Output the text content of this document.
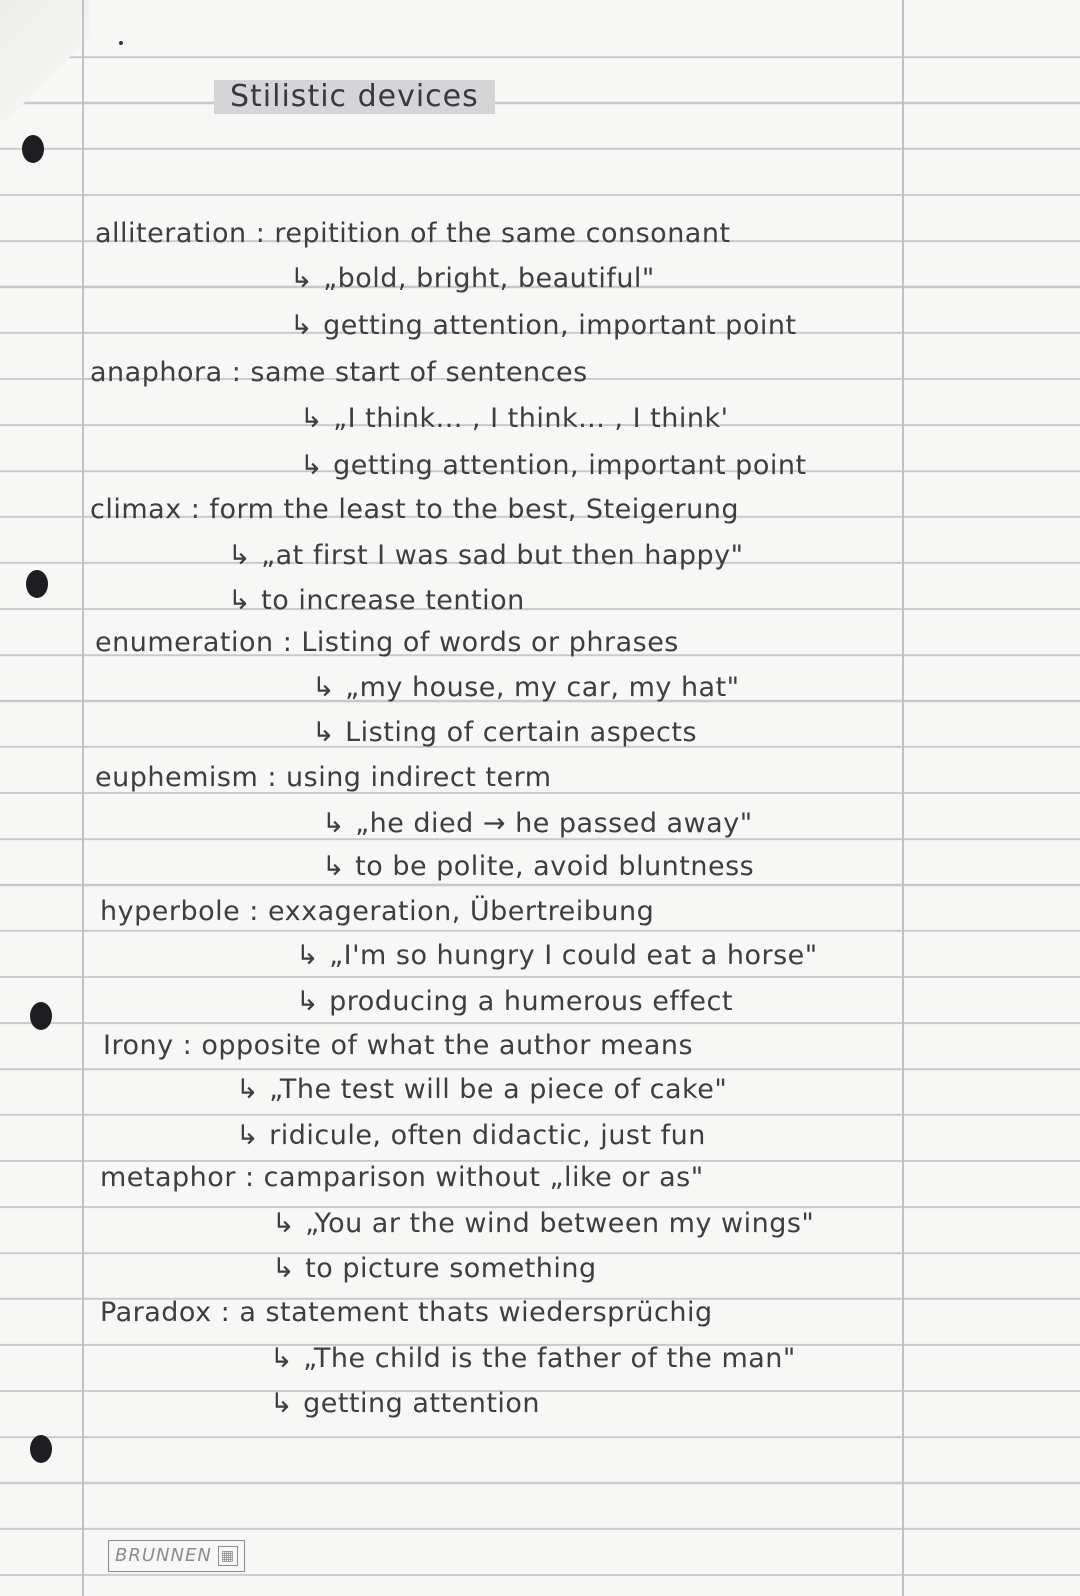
Stilistic devices
alliteration : repitition of the same consonant
↳ „bold, bright, beautiful"
↳ getting attention, important point
anaphora : same start of sentences
↳ „I think... , I think... , I think'
↳ getting attention, important point
climax : form the least to the best, Steigerung
↳ „at first I was sad but then happy"
↳ to increase tention
enumeration : Listing of words or phrases
↳ „my house, my car, my hat"
↳ Listing of certain aspects
euphemism : using indirect term
↳ „he died → he passed away"
↳ to be polite, avoid bluntness
hyperbole : exxageration, Übertreibung
↳ „I'm so hungry I could eat a horse"
↳ producing a humerous effect
Irony : opposite of what the author means
↳ „The test will be a piece of cake"
↳ ridicule, often didactic, just fun
metaphor : camparison without „like or as"
↳ „You ar the wind between my wings"
↳ to picture something
Paradox : a statement thats wiedersprüchig
↳ „The child is the father of the man"
↳ getting attention
BRUNNEN ▦
